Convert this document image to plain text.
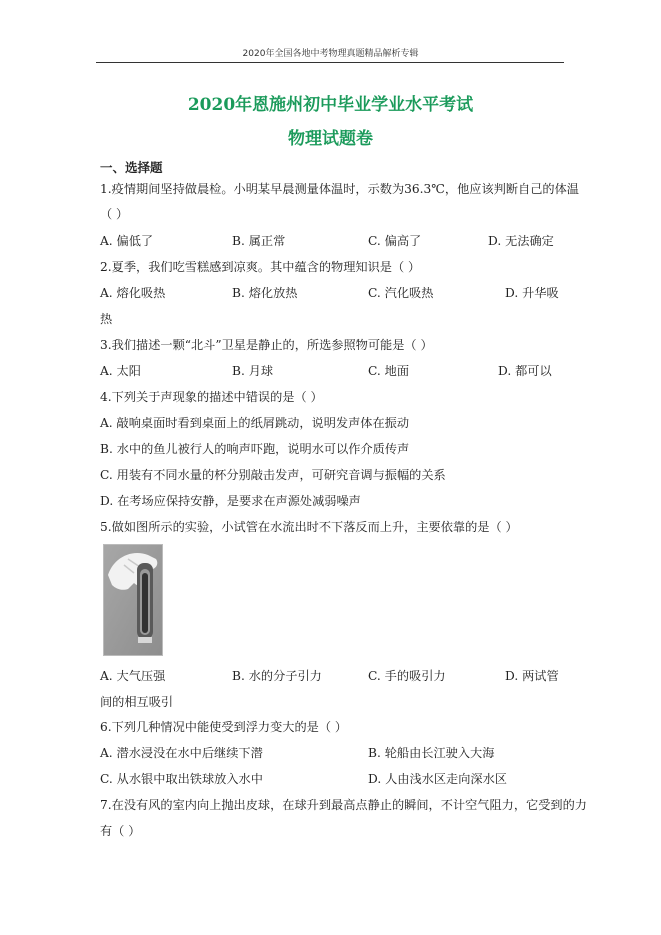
2020年全国各地中考物理真题精品解析专辑
2020年恩施州初中毕业学业水平考试
物理试题卷
一、选择题
1.疫情期间坚持做晨检。小明某早晨测量体温时，示数为36.3℃，他应该判断自己的体温
（ ）
A. 偏低了	B. 属正常	C. 偏高了	D. 无法确定
2.夏季，我们吃雪糕感到凉爽。其中蕴含的物理知识是（ ）
A. 熔化吸热	B. 熔化放热	C. 汽化吸热	D. 升华吸
热
3.我们描述一颗“北斗”卫星是静止的，所选参照物可能是（ ）
A. 太阳	B. 月球	C. 地面	D. 都可以
4.下列关于声现象的描述中错误的是（ ）
A. 敲响桌面时看到桌面上的纸屑跳动，说明发声体在振动
B. 水中的鱼儿被行人的响声吓跑，说明水可以作介质传声
C. 用装有不同水量的杯分别敲击发声，可研究音调与振幅的关系
D. 在考场应保持安静，是要求在声源处减弱噪声
5.做如图所示的实验，小试管在水流出时不下落反而上升，主要依靠的是（ ）
A. 大气压强	B. 水的分子引力	C. 手的吸引力	D. 两试管
间的相互吸引
6.下列几种情况中能使受到浮力变大的是（ ）
A. 潜水浸没在水中后继续下潜	B. 轮船由长江驶入大海
C. 从水银中取出铁球放入水中	D. 人由浅水区走向深水区
7.在没有风的室内向上抛出皮球，在球升到最高点静止的瞬间，不计空气阻力，它受到的力
有（ ）
